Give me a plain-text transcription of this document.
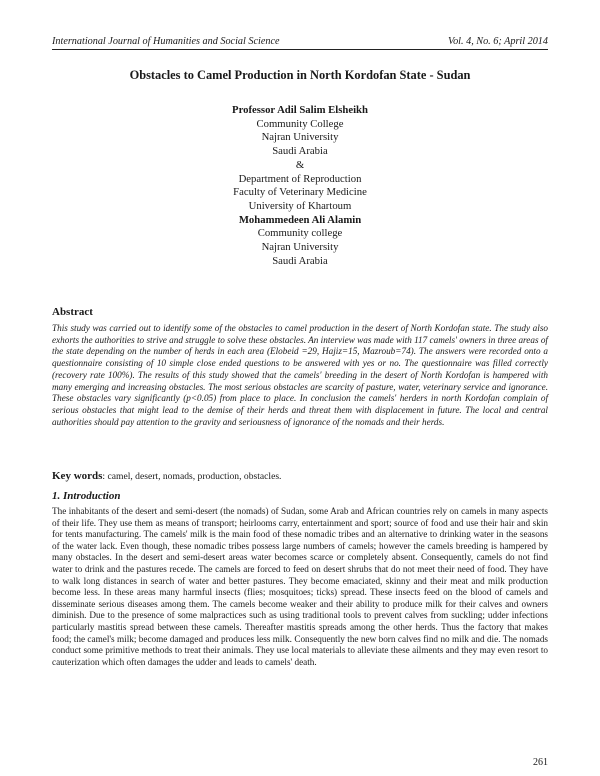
International Journal of Humanities and Social Science	Vol. 4, No. 6; April 2014
Obstacles to Camel Production in North Kordofan State - Sudan
Professor Adil Salim Elsheikh
Community College
Najran University
Saudi Arabia
&
Department of Reproduction
Faculty of Veterinary Medicine
University of Khartoum
Mohammedeen Ali Alamin
Community college
Najran University
Saudi Arabia
Abstract
This study was carried out to identify some of the obstacles to camel production in the desert of North Kordofan state. The study also exhorts the authorities to strive and struggle to solve these obstacles. An interview was made with 117 camels' owners in three areas of the state depending on the number of herds in each area (Elobeid =29, Hajiz=15, Mazroub=74). The answers were recorded onto a questionnaire consisting of 10 simple close ended questions to be answered with yes or no. The questionnaire was filled correctly (recovery rate 100%). The results of this study showed that the camels' breeding in the desert of North Kordofan is hampered with many emerging and increasing obstacles. The most serious obstacles are scarcity of pasture, water, veterinary service and ignorance. These obstacles vary significantly (p<0.05) from place to place. In conclusion the camels' herders in north Kordofan complain of serious obstacles that might lead to the demise of their herds and threat them with displacement in future. The local and central authorities should pay attention to the gravity and seriousness of ignorance of the nomads and their herds.
Key words: camel, desert, nomads, production, obstacles.
1. Introduction
The inhabitants of the desert and semi-desert (the nomads) of Sudan, some Arab and African countries rely on camels in many aspects of their life. They use them as means of transport; heirlooms carry, entertainment and sport; source of food and use their hair and skin for tents manufacturing. The camels' milk is the main food of these nomadic tribes and an alternative to drinking water in the seasons of the water lack. Even though, these nomadic tribes possess large numbers of camels; however the camels breeding is hampered by many obstacles. In the desert and semi-desert areas water becomes scarce or completely absent. Consequently, camels do not find water to drink and the pastures recede. The camels are forced to feed on desert shrubs that do not meet their need of food. They have to walk long distances in search of water and better pastures. They become emaciated, skinny and their meat and milk production become less. In these areas many harmful insects (flies; mosquitoes; ticks) spread. These insects feed on the blood of camels and disseminate serious diseases among them. The camels become weaker and their ability to produce milk for their calves and owners diminish. Due to the presence of some malpractices such as using traditional tools to prevent calves from suckling; udder infections particularly mastitis spread between these camels. Thereafter mastitis spreads among the other herds. Thus the factory that makes food; the camel's milk; become damaged and produces less milk. Consequently the new born calves find no milk and die. The nomads conduct some primitive methods to treat their animals. They use local materials to alleviate these ailments and they may even resort to cauterization which often damages the udder and leads to camels' death.
261
